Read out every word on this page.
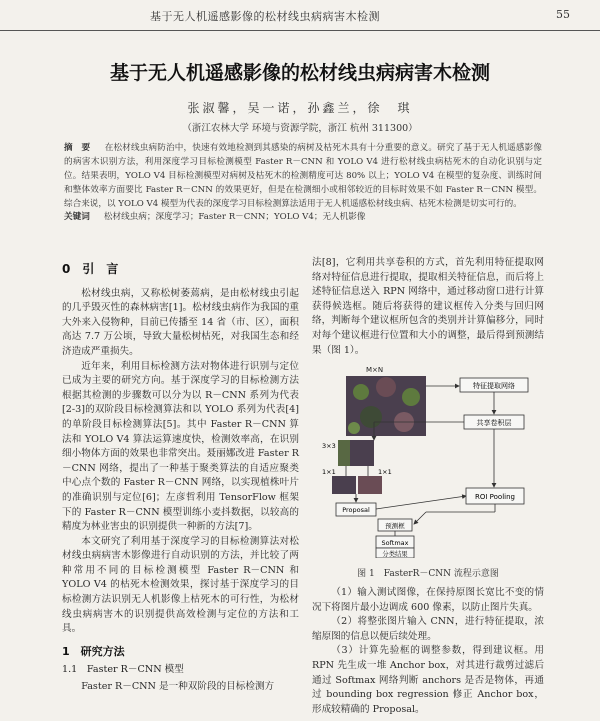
基于无人机遥感影像的松材线虫病病害木检测	55
基于无人机遥感影像的松材线虫病病害木检测
张淑馨，吴一诺，孙鑫兰，徐　琪
（浙江农林大学 环境与资源学院，浙江 杭州 311300）
摘　要 　 在松材线虫病防治中，快速有效地检测到其感染的病树及枯死木具有十分重要的意义。研究了基于无人机遥感影像的病害木识别方法，利用深度学习目标检测模型 Faster R－CNN 和 YOLO V4 进行松材线虫病枯死木的自动化识别与定位。结果表明，YOLO V4 目标检测模型对病树及枯死木的检测精度可达 80% 以上；YOLO V4 在模型的复杂度、训练时间和整体效率方面要比 Faster R－CNN 的效果更好，但是在检测细小或相邻较近的目标时效果不如 Faster R－CNN 模型。综合来说，以 YOLO V4 模型为代表的深度学习目标检测算法适用于无人机遥感松材线虫病、枯死木检测是切实可行的。
关键词 　 松材线虫病；深度学习；Faster R－CNN；YOLO V4；无人机影像
0　引　言

松材线虫病，又称松树萎蔫病，是由松材线虫引起的几乎毁灭性的森林病害[1]。松材线虫病作为我国的重大外来入侵物种，目前已传播至 14 省（市、区），面积高达 7.7 万公顷，导致大量松树枯死，对我国生态和经济造成严重损失。

近年来，利用目标检测方法对物体进行识别与定位已成为主要的研究方向。基于深度学习的目标检测方法根据其检测的步骤数可以分为以 R－CNN 系列为代表[2-3]的双阶段目标检测算法和以 YOLO 系列为代表[4]的单阶段目标检测算法[5]。其中 Faster R－CNN 算法和 YOLO V4 算法运算速度快，检测效率高，在识别细小物体方面的效果也非常突出。聂丽娜改进 Faster R－CNN 网络，提出了一种基于聚类算法的自适应聚类中心点个数的 Faster R－CNN 网络，以实现植株叶片的准确识别与定位[6]；左彦哲利用 TensorFlow 框架下的 Faster R－CNN 模型训练小麦抖数据，以较高的精度为林业害虫的识别提供一种新的方法[7]。

本文研究了利用基于深度学习的目标检测算法对松材线虫病病害木影像进行自动识别的方法，并比较了两种常用不同的目标检测模型 Faster R－CNN 和 YOLO V4 的枯死木检测效果，探讨基于深度学习的目标检测方法识别无人机影像上枯死木的可行性，为松材线虫病病害木的识别提供高效检测与定位的方法和工具。

1　研究方法
1.1　Faster R－CNN 模型

Faster R－CNN 是一种双阶段的目标检测方

法[8]，它利用共享卷积的方式，首先利用特征提取网络对特征信息进行提取，提取相关特征信息，而后将上述特征信息送入 RPN 网络中，通过移动窗口进行计算获得候选框。随后将获得的建议框传入分类与回归网络，判断每个建议框所包含的类别并计算偏移分，同时对每个建议框进行位置和大小的调整，最后得到预测结果（图 1）。

M×N
特征提取网络
共享卷积层
3×3
1×1	1×1
Proposal
ROI Pooling
预测框
Softmax
分类结果
图 1　FasterR－CNN 流程示意图

（1）输入测试图像，在保持原图长宽比不变的情况下将图片最小边调成 600 像素，以防止图片失真。

（2）将整张图片输入 CNN，进行特征提取，浓缩原图的信息以便后续处理。

（3）计算先验框的调整参数，得到建议框。用 RPN 先生成一堆 Anchor box，对其进行裁剪过滤后通过 Softmax 网络判断 anchors 是否是物体，再通过 bounding box regression 修正 Anchor box，形成较精确的 Proposal。
